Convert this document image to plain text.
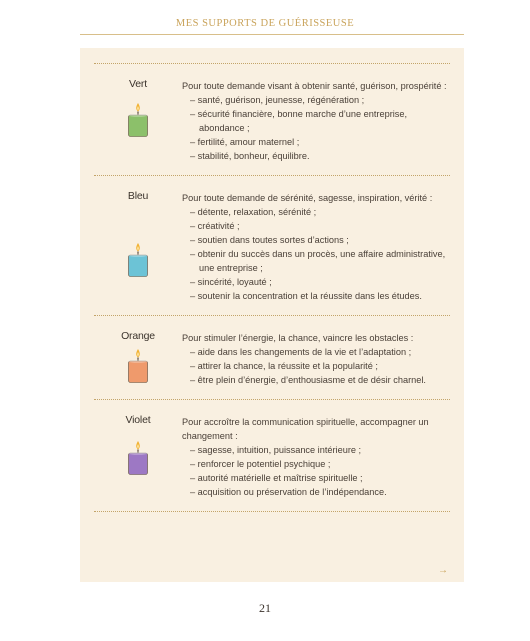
MES SUPPORTS DE GUÉRISSEUSE
Vert	Pour toute demande visant à obtenir santé, guérison, prospérité :

– santé, guérison, jeunesse, régénération ;
– sécurité financière, bonne marche d’une entreprise, abondance ;
– fertilité, amour maternel ;
– stabilité, bonheur, équilibre.
Bleu	Pour toute demande de sérénité, sagesse, inspiration, vérité :

– détente, relaxation, sérénité ;
– créativité ;
– soutien dans toutes sortes d’actions ;
– obtenir du succès dans un procès, une affaire administrative, une entreprise ;
– sincérité, loyauté ;
– soutenir la concentration et la réussite dans les études.
Orange	Pour stimuler l’énergie, la chance, vaincre les obstacles :

– aide dans les changements de la vie et l’adaptation ;
– attirer la chance, la réussite et la popularité ;
– être plein d’énergie, d’enthousiasme et de désir charnel.
Violet	Pour accroître la communication spirituelle, accompagner un changement :

– sagesse, intuition, puissance intérieure ;
– renforcer le potentiel psychique ;
– autorité matérielle et maîtrise spirituelle ;
– acquisition ou préservation de l’indépendance.
→
21
